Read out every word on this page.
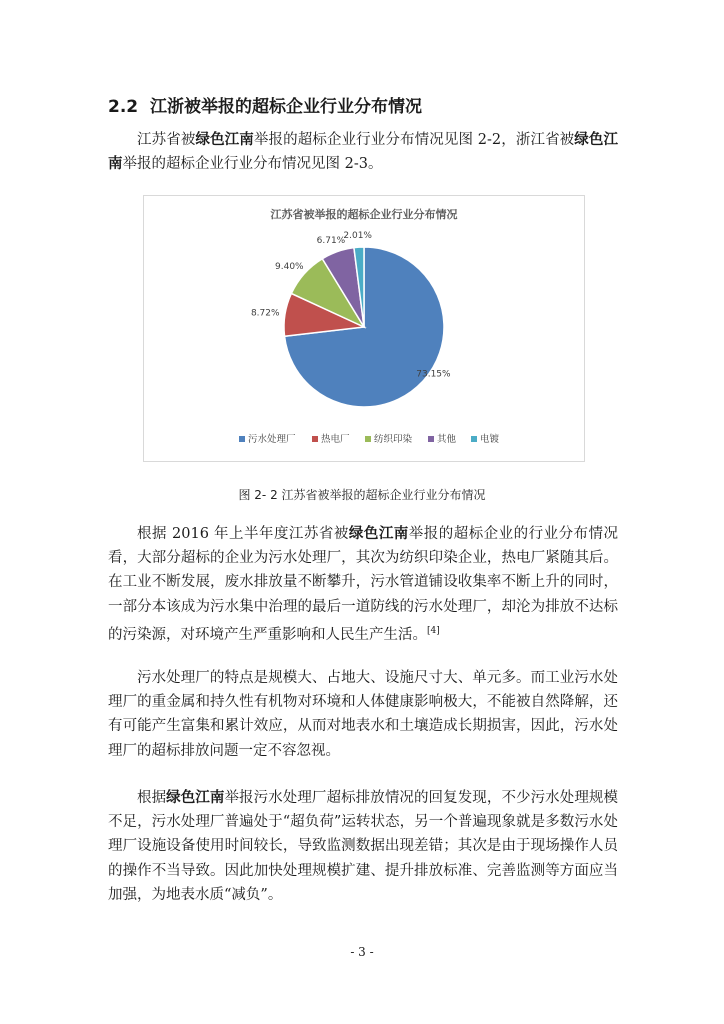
2.2 江浙被举报的超标企业行业分布情况

江苏省被绿色江南举报的超标企业行业分布情况见图 2-2，浙江省被绿色江南举报的超标企业行业分布情况见图 2-3。

江苏省被举报的超标企业行业分布情况
73.15%
8.72%
9.40%
6.71%
2.01%
污水处理厂	热电厂	纺织印染	其他	电镀
图 2- 2 江苏省被举报的超标企业行业分布情况

根据 2016 年上半年度江苏省被绿色江南举报的超标企业的行业分布情况看，大部分超标的企业为污水处理厂，其次为纺织印染企业，热电厂紧随其后。在工业不断发展，废水排放量不断攀升，污水管道铺设收集率不断上升的同时，一部分本该成为污水集中治理的最后一道防线的污水处理厂，却沦为排放不达标的污染源，对环境产生严重影响和人民生产生活。[4]

污水处理厂的特点是规模大、占地大、设施尺寸大、单元多。而工业污水处理厂的重金属和持久性有机物对环境和人体健康影响极大，不能被自然降解，还有可能产生富集和累计效应，从而对地表水和土壤造成长期损害，因此，污水处理厂的超标排放问题一定不容忽视。

根据绿色江南举报污水处理厂超标排放情况的回复发现，不少污水处理规模不足，污水处理厂普遍处于“超负荷”运转状态，另一个普遍现象就是多数污水处理厂设施设备使用时间较长，导致监测数据出现差错；其次是由于现场操作人员的操作不当导致。因此加快处理规模扩建、提升排放标准、完善监测等方面应当加强，为地表水质“减负”。

- 3 -
